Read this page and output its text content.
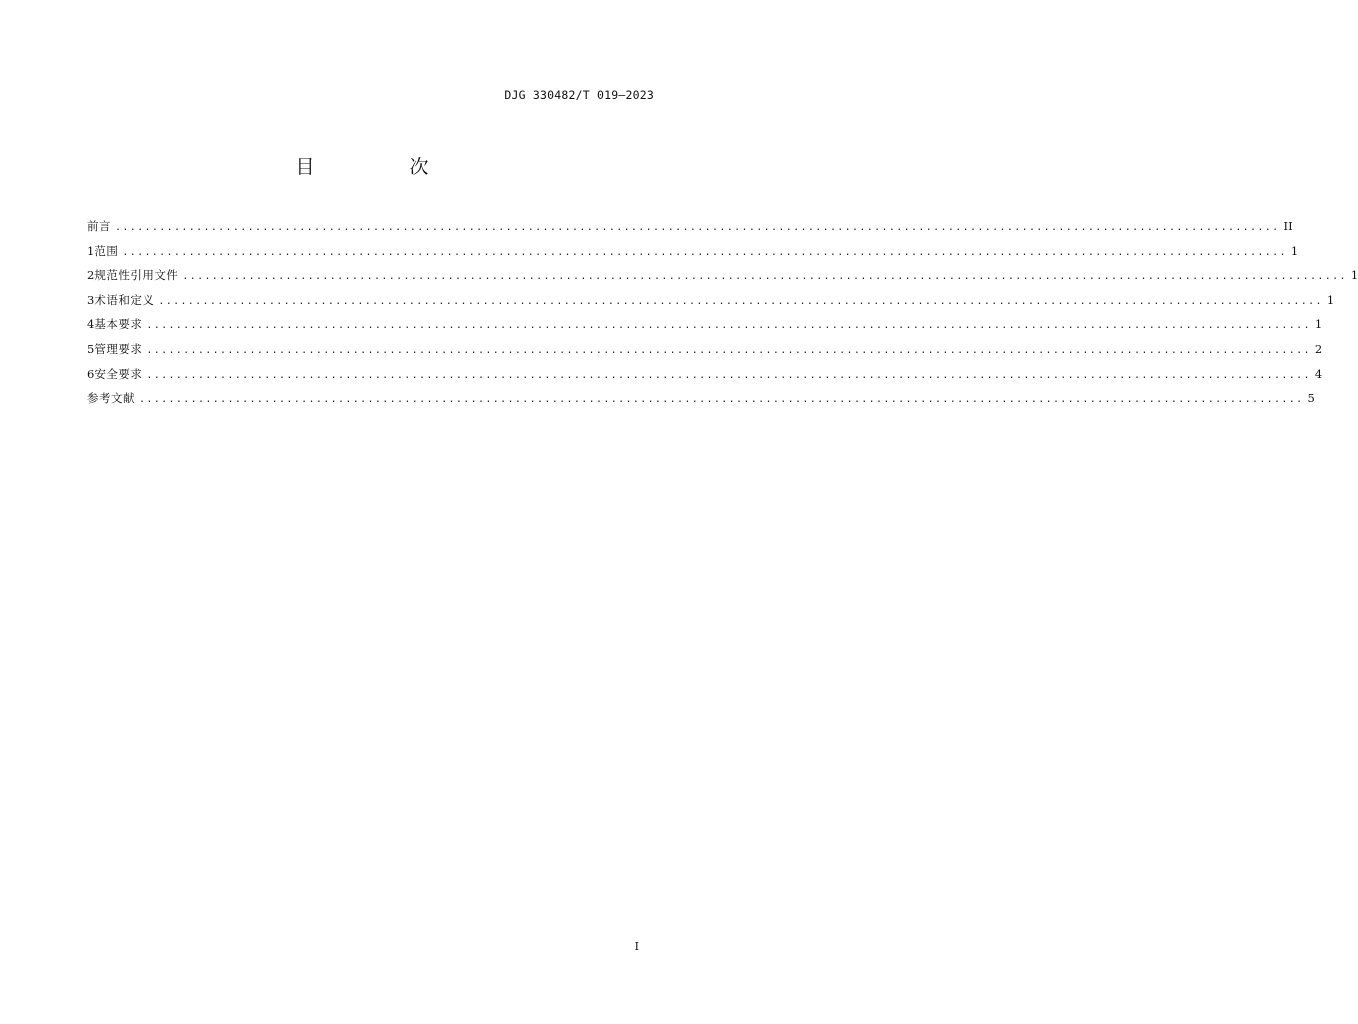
DJG 330482/T 019—2023
目　次
前言 .............................................................................................................................................................. II
1 范围 .............................................................................................................................................................. 1
2 规范性引用文件 .............................................................................................................................................................. 1
3 术语和定义 .............................................................................................................................................................. 1
4 基本要求 .............................................................................................................................................................. 1
5 管理要求 .............................................................................................................................................................. 2
6 安全要求 .............................................................................................................................................................. 4
参考文献 .............................................................................................................................................................. 5
I
